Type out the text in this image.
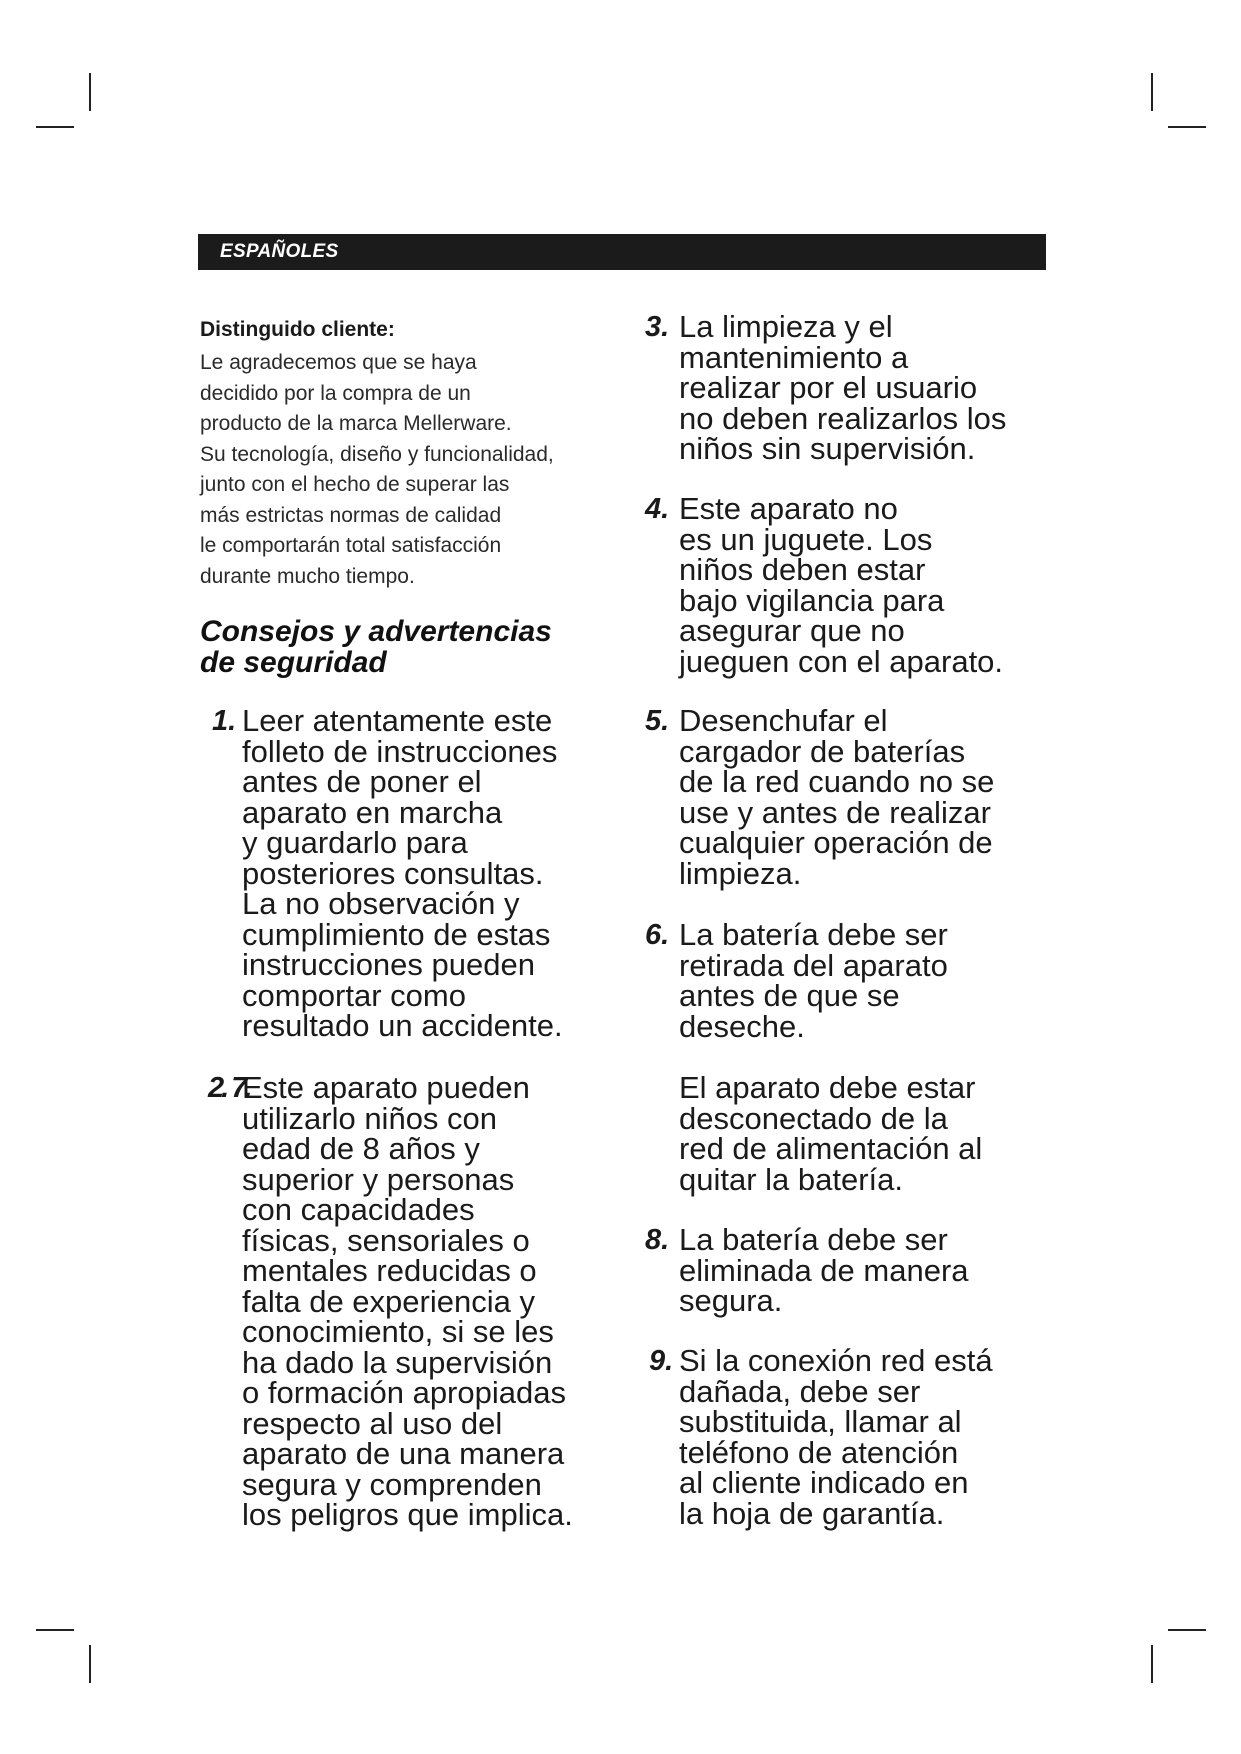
ESPAÑOLES
Distinguido cliente:
Le agradecemos que se haya
decidido por la compra de un
producto de la marca Mellerware.
Su tecnología, diseño y funcionalidad,
junto con el hecho de superar las
más estrictas normas de calidad
le comportarán total satisfacción
durante mucho tiempo.
Consejos y advertencias
de seguridad
1. Leer atentamente este
folleto de instrucciones
antes de poner el
aparato en marcha
y guardarlo para
posteriores consultas.
La no observación y
cumplimiento de estas
instrucciones pueden
comportar como
resultado un accidente.
2. 7.
Este aparato pueden
utilizarlo niños con
edad de 8 años y
superior y personas
con capacidades
físicas, sensoriales o
mentales reducidas o
falta de experiencia y
conocimiento, si se les
ha dado la supervisión
o formación apropiadas
respecto al uso del
aparato de una manera
segura y comprenden
los peligros que implica.
3. La limpieza y el
mantenimiento a
realizar por el usuario
no deben realizarlos los
niños sin supervisión.
4. Este aparato no
es un juguete. Los
niños deben estar
bajo vigilancia para
asegurar que no
jueguen con el aparato.
5. Desenchufar el
cargador de baterías
de la red cuando no se
use y antes de realizar
cualquier operación de
limpieza.
6. La batería debe ser
retirada del aparato
antes de que se
deseche.
El aparato debe estar
desconectado de la
red de alimentación al
quitar la batería.
8. La batería debe ser
eliminada de manera
segura.
9. Si la conexión red está
dañada, debe ser
substituida, llamar al
teléfono de atención
al cliente indicado en
la hoja de garantía.
